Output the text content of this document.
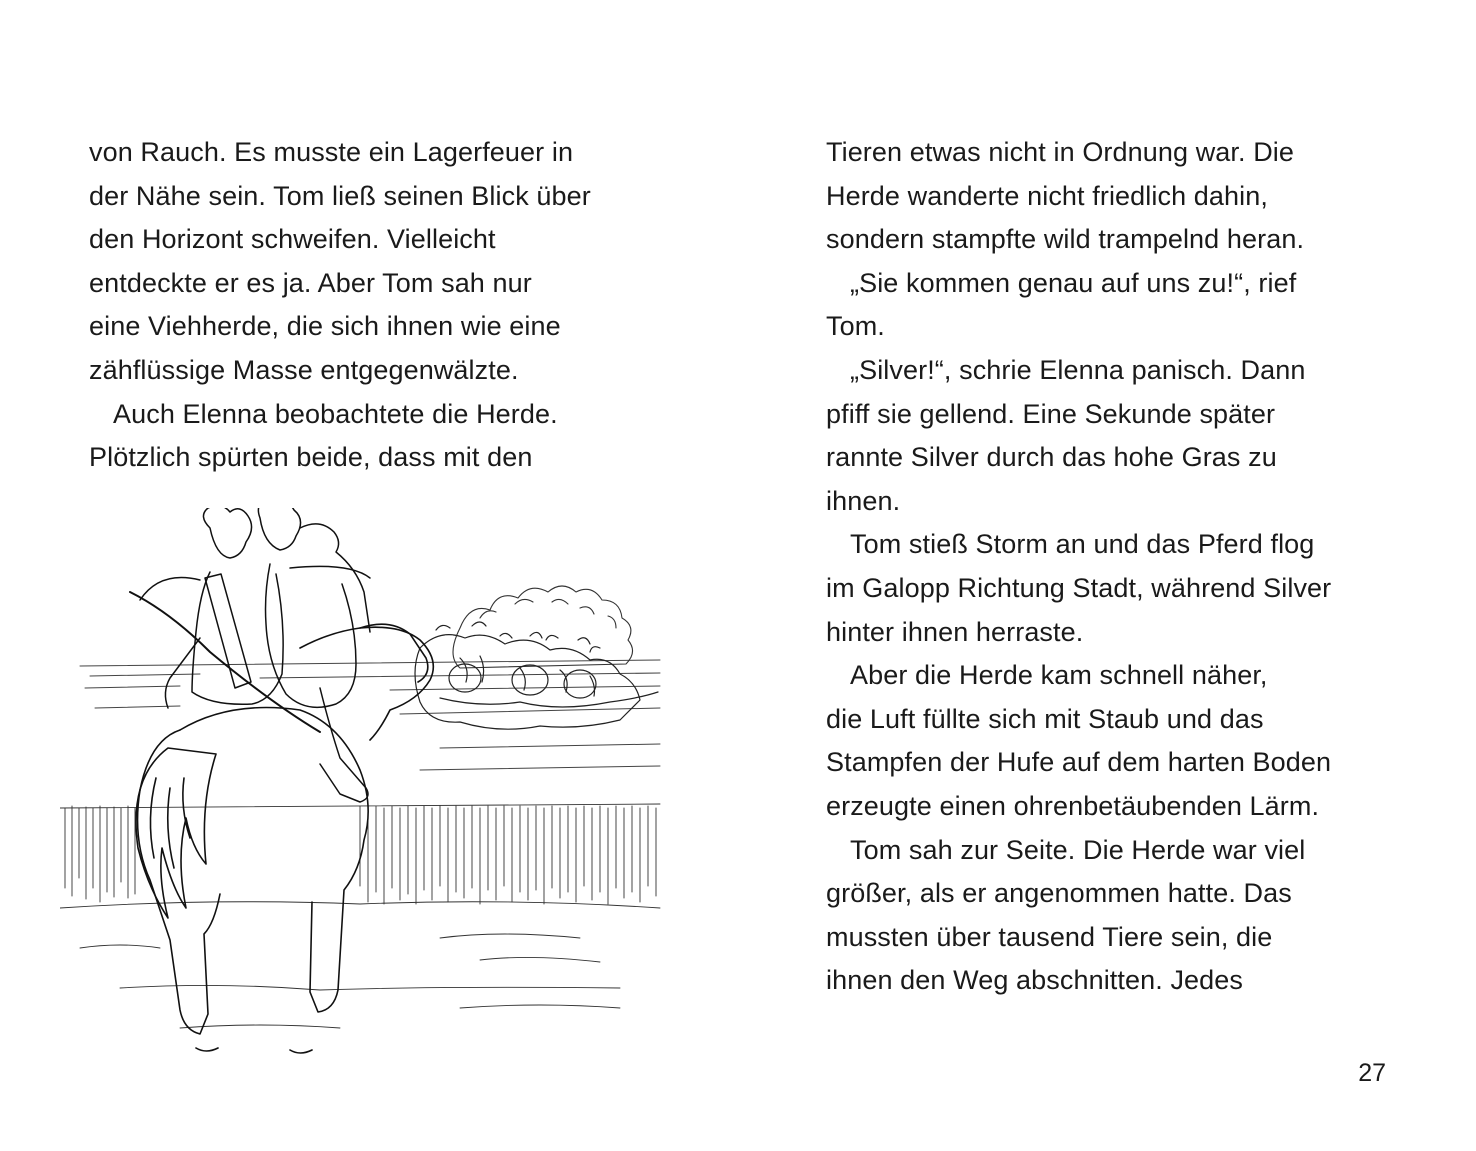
von Rauch. Es musste ein Lagerfeuer in
der Nähe sein. Tom ließ seinen Blick über
den Horizont schweifen. Vielleicht
entdeckte er es ja. Aber Tom sah nur
eine Viehherde, die sich ihnen wie eine
zähflüssige Masse entgegenwälzte.
Auch Elenna beobachtete die Herde.
Plötzlich spürten beide, dass mit den
Tieren etwas nicht in Ordnung war. Die
Herde wanderte nicht friedlich dahin,
sondern stampfte wild trampelnd heran.
„Sie kommen genau auf uns zu!“, rief
Tom.
„Silver!“, schrie Elenna panisch. Dann
pfiff sie gellend. Eine Sekunde später
rannte Silver durch das hohe Gras zu
ihnen.
Tom stieß Storm an und das Pferd flog
im Galopp Richtung Stadt, während Silver
hinter ihnen herraste.
Aber die Herde kam schnell näher,
die Luft füllte sich mit Staub und das
Stampfen der Hufe auf dem harten Boden
erzeugte einen ohrenbetäubenden Lärm.
Tom sah zur Seite. Die Herde war viel
größer, als er angenommen hatte. Das
mussten über tausend Tiere sein, die
ihnen den Weg abschnitten. Jedes
27
